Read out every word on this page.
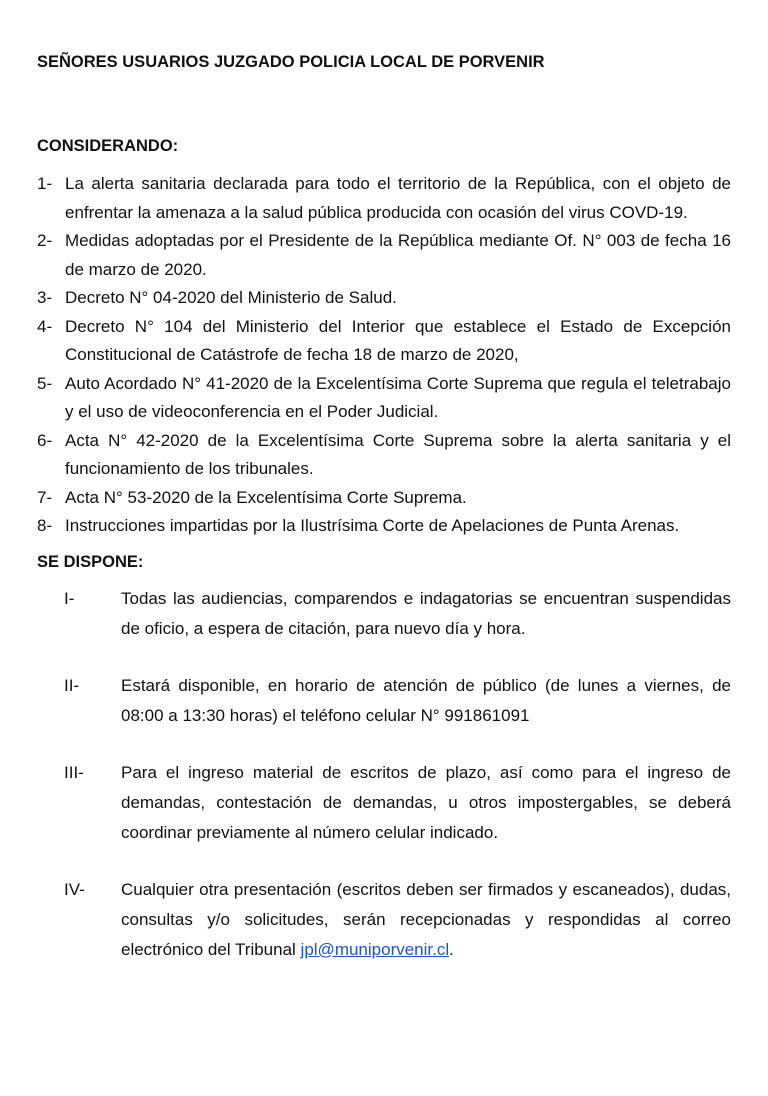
SEÑORES USUARIOS JUZGADO POLICIA LOCAL DE PORVENIR

CONSIDERANDO:

1- La alerta sanitaria declarada para todo el territorio de la República, con el objeto de enfrentar la amenaza a la salud pública producida con ocasión del virus COVD-19.
2- Medidas adoptadas por el Presidente de la República mediante Of. N° 003 de fecha 16 de marzo de 2020.
3- Decreto N° 04-2020 del Ministerio de Salud.
4- Decreto N° 104 del Ministerio del Interior que establece el Estado de Excepción Constitucional de Catástrofe de fecha 18 de marzo de 2020,
5- Auto Acordado N° 41-2020 de la Excelentísima Corte Suprema que regula el teletrabajo y el uso de videoconferencia en el Poder Judicial.
6- Acta N° 42-2020 de la Excelentísima Corte Suprema sobre la alerta sanitaria y el funcionamiento de los tribunales.
7- Acta N° 53-2020 de la Excelentísima Corte Suprema.
8- Instrucciones impartidas por la Ilustrísima Corte de Apelaciones de Punta Arenas.

SE DISPONE:

I-	Todas las audiencias, comparendos e indagatorias se encuentran suspendidas de oficio, a espera de citación, para nuevo día y hora.
II-	Estará disponible, en horario de atención de público (de lunes a viernes, de 08:00 a 13:30 horas) el teléfono celular N° 991861091
III-	Para el ingreso material de escritos de plazo, así como para el ingreso de demandas, contestación de demandas, u otros impostergables, se deberá coordinar previamente al número celular indicado.
IV-	Cualquier otra presentación (escritos deben ser firmados y escaneados), dudas, consultas y/o solicitudes, serán recepcionadas y respondidas al correo electrónico del Tribunal jpl@muniporvenir.cl.
